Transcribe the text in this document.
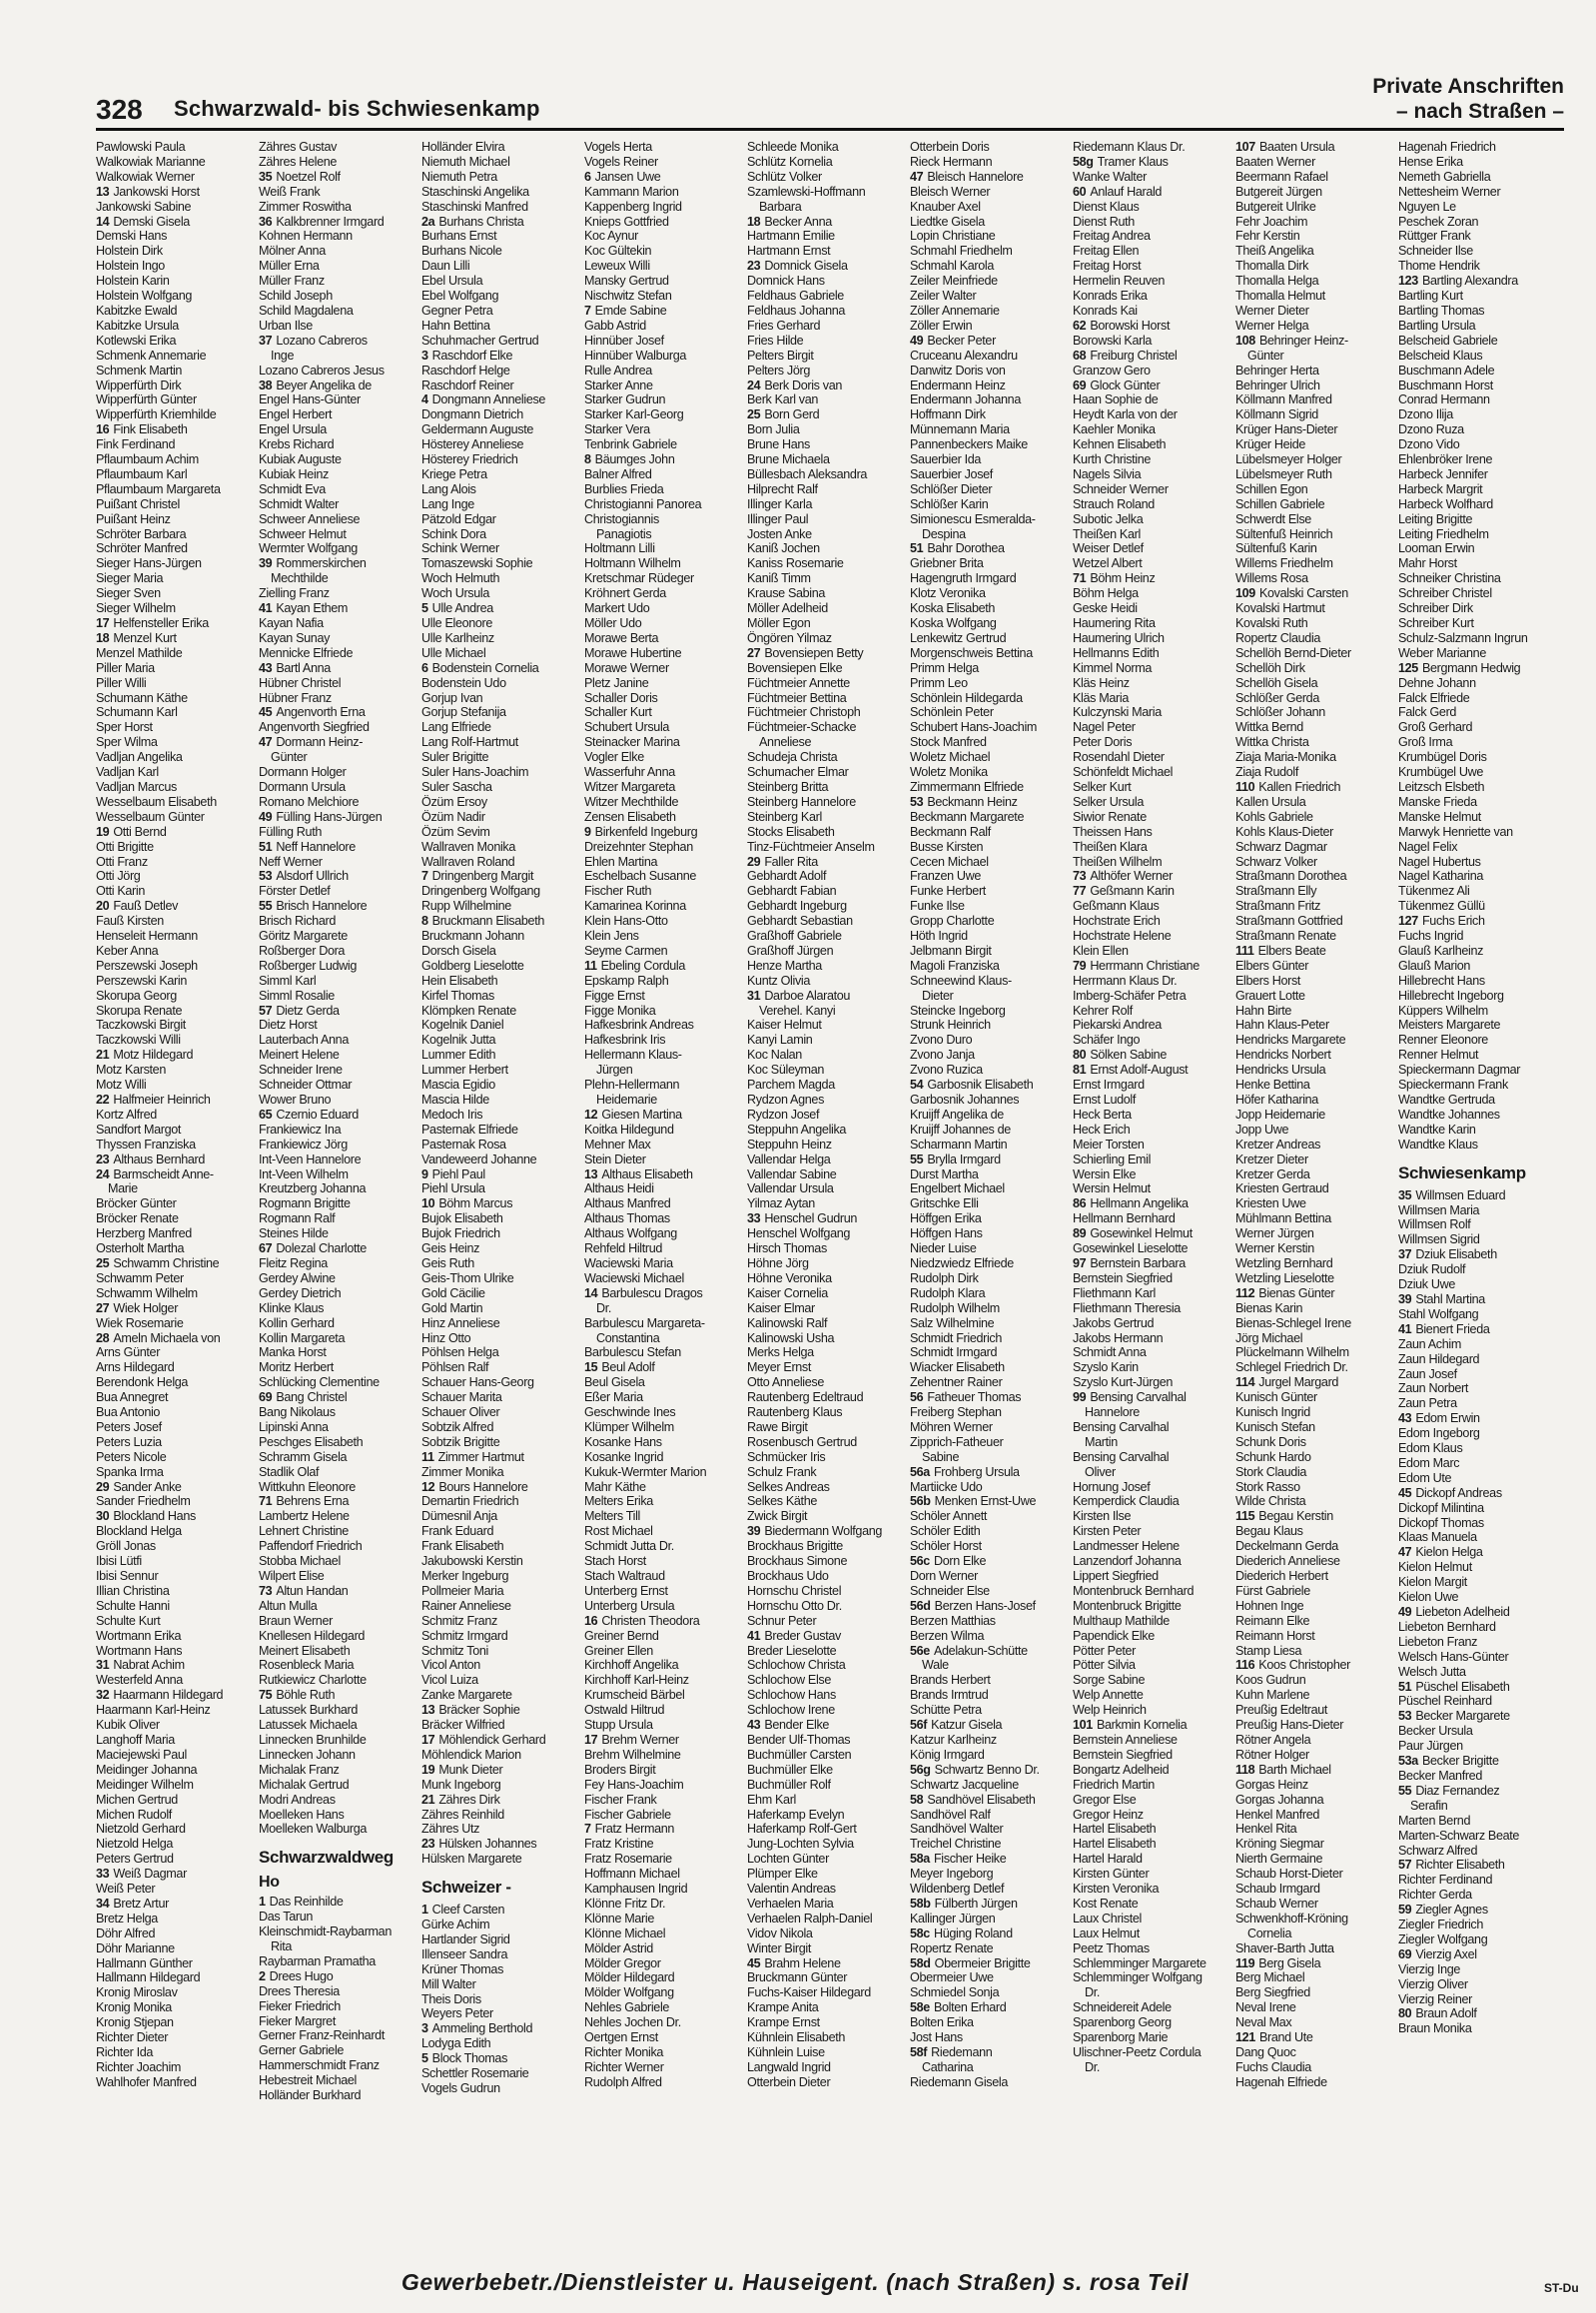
328 Schwarzwald- bis Schwiesenkamp
Private Anschriften
– nach Straßen –
Pawlowski Paula
Walkowiak Marianne
Walkowiak Werner
13 Jankowski Horst
Jankowski Sabine
14 Demski Gisela
Demski Hans
Holstein Dirk
Holstein Ingo
Holstein Karin
Holstein Wolfgang
Kabitzke Ewald
Kabitzke Ursula
Kotlewski Erika
Schmenk Annemarie
Schmenk Martin
Wipperfürth Dirk
Wipperfürth Günter
Wipperfürth Kriemhilde
16 Fink Elisabeth
Fink Ferdinand
Pflaumbaum Achim
Pflaumbaum Karl
Pflaumbaum Margareta
Puißant Christel
Puißant Heinz
Schröter Barbara
Schröter Manfred
Sieger Hans-Jürgen
Sieger Maria
Sieger Sven
Sieger Wilhelm
17 Helfensteller Erika
18 Menzel Kurt
Menzel Mathilde
Piller Maria
Piller Willi
Schumann Käthe
Schumann Karl
Sper Horst
Sper Wilma
Vadljan Angelika
Vadljan Karl
Vadljan Marcus
Wesselbaum Elisabeth
Wesselbaum Günter
19 Otti Bernd
Otti Brigitte
Otti Franz
Otti Jörg
Otti Karin
20 Fauß Detlev
Fauß Kirsten
Henseleit Hermann
Keber Anna
Perszewski Joseph
Perszewski Karin
Skorupa Georg
Skorupa Renate
Taczkowski Birgit
Taczkowski Willi
21 Motz Hildegard
Motz Karsten
Motz Willi
22 Halfmeier Heinrich
Kortz Alfred
Sandfort Margot
Thyssen Franziska
23 Althaus Bernhard
24 Barmscheidt Anne-
Marie
Bröcker Günter
Bröcker Renate
Herzberg Manfred
Osterholt Martha
25 Schwamm Christine
Schwamm Peter
Schwamm Wilhelm
27 Wiek Holger
Wiek Rosemarie
28 Ameln Michaela von
Arns Günter
Arns Hildegard
Berendonk Helga
Bua Annegret
Bua Antonio
Peters Josef
Peters Luzia
Peters Nicole
Spanka Irma
29 Sander Anke
Sander Friedhelm
30 Blockland Hans
Blockland Helga
Gröll Jonas
Ibisi Lütfi
Ibisi Sennur
Illian Christina
Schulte Hanni
Schulte Kurt
Wortmann Erika
Wortmann Hans
31 Nabrat Achim
Westerfeld Anna
32 Haarmann Hildegard
Haarmann Karl-Heinz
Kubik Oliver
Langhoff Maria
Maciejewski Paul
Meidinger Johanna
Meidinger Wilhelm
Michen Gertrud
Michen Rudolf
Nietzold Gerhard
Nietzold Helga
Peters Gertrud
33 Weiß Dagmar
Weiß Peter
34 Bretz Artur
Bretz Helga
Döhr Alfred
Döhr Marianne
Hallmann Günther
Hallmann Hildegard
Kronig Miroslav
Kronig Monika
Kronig Stjepan
Richter Dieter
Richter Ida
Richter Joachim
Wahlhofer Manfred
Zähres Gustav
Zähres Helene
35 Noetzel Rolf
Weiß Frank
Zimmer Roswitha
36 Kalkbrenner Irmgard
Kohnen Hermann
Mölner Anna
Müller Erna
Müller Franz
Schild Joseph
Schild Magdalena
Urban Ilse
37 Lozano Cabreros
Inge
Lozano Cabreros Jesus
38 Beyer Angelika de
Engel Hans-Günter
Engel Herbert
Engel Ursula
Krebs Richard
Kubiak Auguste
Kubiak Heinz
Schmidt Eva
Schmidt Walter
Schweer Anneliese
Schweer Helmut
Wermter Wolfgang
39 Rommerskirchen
Mechthilde
Zielling Franz
41 Kayan Ethem
Kayan Nafia
Kayan Sunay
Mennicke Elfriede
43 Bartl Anna
Hübner Christel
Hübner Franz
45 Angenvorth Erna
Angenvorth Siegfried
47 Dormann Heinz-
Günter
Dormann Holger
Dormann Ursula
Romano Melchiore
49 Fülling Hans-Jürgen
Fülling Ruth
51 Neff Hannelore
Neff Werner
53 Alsdorf Ullrich
Förster Detlef
55 Brisch Hannelore
Brisch Richard
Göritz Margarete
Roßberger Dora
Roßberger Ludwig
Simml Karl
Simml Rosalie
57 Dietz Gerda
Dietz Horst
Lauterbach Anna
Meinert Helene
Schneider Irene
Schneider Ottmar
Wower Bruno
65 Czernio Eduard
Frankiewicz Ina
Frankiewicz Jörg
Int-Veen Hannelore
Int-Veen Wilhelm
Kreutzberg Johanna
Rogmann Brigitte
Rogmann Ralf
Steines Hilde
67 Dolezal Charlotte
Fleitz Regina
Gerdey Alwine
Gerdey Dietrich
Klinke Klaus
Kollin Gerhard
Kollin Margareta
Manka Horst
Moritz Herbert
Schlücking Clementine
69 Bang Christel
Bang Nikolaus
Lipinski Anna
Peschges Elisabeth
Schramm Gisela
Stadlik Olaf
Wittkuhn Eleonore
71 Behrens Erna
Lambertz Helene
Lehnert Christine
Paffendorf Friedrich
Stobba Michael
Wilpert Elise
73 Altun Handan
Altun Mulla
Braun Werner
Knellesen Hildegard
Meinert Elisabeth
Rosenbleck Maria
Rutkiewicz Charlotte
75 Böhle Ruth
Latussek Burkhard
Latussek Michaela
Linnecken Brunhilde
Linnecken Johann
Michalak Franz
Michalak Gertrud
Modri Andreas
Moelleken Hans
Moelleken Walburga
Schwarzwaldweg
Ho
1 Das Reinhilde
Das Tarun
Kleinschmidt-Raybarman
Rita
Raybarman Pramatha
2 Drees Hugo
Drees Theresia
Fieker Friedrich
Fieker Margret
Gerner Franz-Reinhardt
Gerner Gabriele
Hammerschmidt Franz
Hebestreit Michael
Holländer Burkhard
Holländer Elvira
Niemuth Michael
Niemuth Petra
Staschinski Angelika
Staschinski Manfred
2a Burhans Christa
Burhans Ernst
Burhans Nicole
Daun Lilli
Ebel Ursula
Ebel Wolfgang
Gegner Petra
Hahn Bettina
Schuhmacher Gertrud
3 Raschdorf Elke
Raschdorf Helge
Raschdorf Reiner
4 Dongmann Anneliese
Dongmann Dietrich
Geldermann Auguste
Hösterey Anneliese
Hösterey Friedrich
Kriege Petra
Lang Alois
Lang Inge
Pätzold Edgar
Schink Dora
Schink Werner
Tomaszewski Sophie
Woch Helmuth
Woch Ursula
5 Ulle Andrea
Ulle Eleonore
Ulle Karlheinz
Ulle Michael
6 Bodenstein Cornelia
Bodenstein Udo
Gorjup Ivan
Gorjup Stefanija
Lang Elfriede
Lang Rolf-Hartmut
Suler Brigitte
Suler Hans-Joachim
Suler Sascha
Özüm Ersoy
Özüm Nadir
Özüm Sevim
Wallraven Monika
Wallraven Roland
7 Dringenberg Margit
Dringenberg Wolfgang
Rupp Wilhelmine
8 Bruckmann Elisabeth
Bruckmann Johann
Dorsch Gisela
Goldberg Lieselotte
Hein Elisabeth
Kirfel Thomas
Klömpken Renate
Kogelnik Daniel
Kogelnik Jutta
Lummer Edith
Lummer Herbert
Mascia Egidio
Mascia Hilde
Medoch Iris
Pasternak Elfriede
Pasternak Rosa
Vandeweerd Johanne
9 Piehl Paul
Piehl Ursula
10 Böhm Marcus
Bujok Elisabeth
Bujok Friedrich
Geis Heinz
Geis Ruth
Geis-Thom Ulrike
Gold Cäcilie
Gold Martin
Hinz Anneliese
Hinz Otto
Pöhlsen Helga
Pöhlsen Ralf
Schauer Hans-Georg
Schauer Marita
Schauer Oliver
Sobtzik Alfred
Sobtzik Brigitte
11 Zimmer Hartmut
Zimmer Monika
12 Bours Hannelore
Demartin Friedrich
Dümesnil Anja
Frank Eduard
Frank Elisabeth
Jakubowski Kerstin
Merker Ingeburg
Pollmeier Maria
Rainer Anneliese
Schmitz Franz
Schmitz Irmgard
Schmitz Toni
Vicol Anton
Vicol Luiza
Zanke Margarete
13 Bräcker Sophie
Bräcker Wilfried
17 Möhlendick Gerhard
Möhlendick Marion
19 Munk Dieter
Munk Ingeborg
21 Zähres Dirk
Zähres Reinhild
Zähres Utz
23 Hülsken Johannes
Hülsken Margarete
Schweizer -
1 Cleef Carsten
Gürke Achim
Hartlander Sigrid
Illenseer Sandra
Krüner Thomas
Mill Walter
Theis Doris
Weyers Peter
3 Ammeling Berthold
Lodyga Edith
5 Block Thomas
Schettler Rosemarie
Vogels Gudrun
Vogels Herta
Vogels Reiner
6 Jansen Uwe
Kammann Marion
Kappenberg Ingrid
Knieps Gottfried
Koc Aynur
Koc Gültekin
Leweux Willi
Mansky Gertrud
Nischwitz Stefan
7 Emde Sabine
Gabb Astrid
Hinnüber Josef
Hinnüber Walburga
Rulle Andrea
Starker Anne
Starker Gudrun
Starker Karl-Georg
Starker Vera
Tenbrink Gabriele
8 Bäumges John
Balner Alfred
Burblies Frieda
Christogianni Panorea
Christogiannis
Panagiotis
Holtmann Lilli
Holtmann Wilhelm
Kretschmar Rüdeger
Kröhnert Gerda
Markert Udo
Möller Udo
Morawe Berta
Morawe Hubertine
Morawe Werner
Pletz Janine
Schaller Doris
Schaller Kurt
Schubert Ursula
Steinacker Marina
Vogler Elke
Wasserfuhr Anna
Witzer Margareta
Witzer Mechthilde
Zensen Elisabeth
9 Birkenfeld Ingeburg
Dreizehnter Stephan
Ehlen Martina
Eschelbach Susanne
Fischer Ruth
Kamarinea Korinna
Klein Hans-Otto
Klein Jens
Seyme Carmen
11 Ebeling Cordula
Epskamp Ralph
Figge Ernst
Figge Monika
Hafkesbrink Andreas
Hafkesbrink Iris
Hellermann Klaus-
Jürgen
Plehn-Hellermann
Heidemarie
12 Giesen Martina
Koitka Hildegund
Mehner Max
Stein Dieter
13 Althaus Elisabeth
Althaus Heidi
Althaus Manfred
Althaus Thomas
Althaus Wolfgang
Rehfeld Hiltrud
Waciewski Maria
Waciewski Michael
14 Barbulescu Dragos
Dr.
Barbulescu Margareta-
Constantina
Barbulescu Stefan
15 Beul Adolf
Beul Gisela
Eßer Maria
Geschwinde Ines
Klümper Wilhelm
Kosanke Hans
Kosanke Ingrid
Kukuk-Wermter Marion
Mahr Käthe
Melters Erika
Melters Till
Rost Michael
Schmidt Jutta Dr.
Stach Horst
Stach Waltraud
Unterberg Ernst
Unterberg Ursula
16 Christen Theodora
Greiner Bernd
Greiner Ellen
Kirchhoff Angelika
Kirchhoff Karl-Heinz
Krumscheid Bärbel
Ostwald Hiltrud
Stupp Ursula
17 Brehm Werner
Brehm Wilhelmine
Broders Birgit
Fey Hans-Joachim
Fischer Frank
Fischer Gabriele
7 Fratz Hermann
Fratz Kristine
Fratz Rosemarie
Hoffmann Michael
Kamphausen Ingrid
Klönne Fritz Dr.
Klönne Marie
Klönne Michael
Mölder Astrid
Mölder Gregor
Mölder Hildegard
Mölder Wolfgang
Nehles Gabriele
Nehles Jochen Dr.
Oertgen Ernst
Richter Monika
Richter Werner
Rudolph Alfred
Schleede Monika
Schlütz Kornelia
Schlütz Volker
Szamlewski-Hoffmann
Barbara
18 Becker Anna
Hartmann Emilie
Hartmann Ernst
23 Domnick Gisela
Domnick Hans
Feldhaus Gabriele
Feldhaus Johanna
Fries Gerhard
Fries Hilde
Pelters Birgit
Pelters Jörg
24 Berk Doris van
Berk Karl van
25 Born Gerd
Born Julia
Brune Hans
Brune Michaela
Büllesbach Aleksandra
Hilprecht Ralf
Illinger Karla
Illinger Paul
Josten Anke
Kaniß Jochen
Kaniss Rosemarie
Kaniß Timm
Krause Sabina
Möller Adelheid
Möller Egon
Öngören Yilmaz
27 Bovensiepen Betty
Bovensiepen Elke
Füchtmeier Annette
Füchtmeier Bettina
Füchtmeier Christoph
Füchtmeier-Schacke
Anneliese
Schudeja Christa
Schumacher Elmar
Steinberg Britta
Steinberg Hannelore
Steinberg Karl
Stocks Elisabeth
Tinz-Füchtmeier Anselm
29 Faller Rita
Gebhardt Adolf
Gebhardt Fabian
Gebhardt Ingeburg
Gebhardt Sebastian
Graßhoff Gabriele
Graßhoff Jürgen
Henze Martha
Kuntz Olivia
31 Darboe Alaratou
Verehel. Kanyi
Kaiser Helmut
Kanyi Lamin
Koc Nalan
Koc Süleyman
Parchem Magda
Rydzon Agnes
Rydzon Josef
Steppuhn Angelika
Steppuhn Heinz
Vallendar Helga
Vallendar Sabine
Vallendar Ursula
Yilmaz Aytan
33 Henschel Gudrun
Henschel Wolfgang
Hirsch Thomas
Höhne Jörg
Höhne Veronika
Kaiser Cornelia
Kaiser Elmar
Kalinowski Ralf
Kalinowski Usha
Merks Helga
Meyer Ernst
Otto Anneliese
Rautenberg Edeltraud
Rautenberg Klaus
Rawe Birgit
Rosenbusch Gertrud
Schmücker Iris
Schulz Frank
Selkes Andreas
Selkes Käthe
Zwick Birgit
39 Biedermann Wolfgang
Brockhaus Brigitte
Brockhaus Simone
Brockhaus Udo
Hornschu Christel
Hornschu Otto Dr.
Schnur Peter
41 Breder Gustav
Breder Lieselotte
Schlochow Christa
Schlochow Else
Schlochow Hans
Schlochow Irene
43 Bender Elke
Bender Ulf-Thomas
Buchmüller Carsten
Buchmüller Elke
Buchmüller Rolf
Ehm Karl
Haferkamp Evelyn
Haferkamp Rolf-Gert
Jung-Lochten Sylvia
Lochten Günter
Plümper Elke
Valentin Andreas
Verhaelen Maria
Verhaelen Ralph-Daniel
Vidov Nikola
Winter Birgit
45 Brahm Helene
Bruckmann Günter
Fuchs-Kaiser Hildegard
Krampe Anita
Krampe Ernst
Kühnlein Elisabeth
Kühnlein Luise
Langwald Ingrid
Otterbein Dieter
Otterbein Doris
Rieck Hermann
47 Bleisch Hannelore
Bleisch Werner
Knauber Axel
Liedtke Gisela
Lopin Christiane
Schmahl Friedhelm
Schmahl Karola
Zeiler Meinfriede
Zeiler Walter
Zöller Annemarie
Zöller Erwin
49 Becker Peter
Cruceanu Alexandru
Danwitz Doris von
Endermann Heinz
Endermann Johanna
Hoffmann Dirk
Münnemann Maria
Pannenbeckers Maike
Sauerbier Ida
Sauerbier Josef
Schlößer Dieter
Schlößer Karin
Simionescu Esmeralda-
Despina
51 Bahr Dorothea
Griebner Brita
Hagengruth Irmgard
Klotz Veronika
Koska Elisabeth
Koska Wolfgang
Lenkewitz Gertrud
Morgenschweis Bettina
Primm Helga
Primm Leo
Schönlein Hildegarda
Schönlein Peter
Schubert Hans-Joachim
Stock Manfred
Woletz Michael
Woletz Monika
Zimmermann Elfriede
53 Beckmann Heinz
Beckmann Margarete
Beckmann Ralf
Busse Kirsten
Cecen Michael
Franzen Uwe
Funke Herbert
Funke Ilse
Gropp Charlotte
Höth Ingrid
Jelbmann Birgit
Magoli Franziska
Schneewind Klaus-
Dieter
Steincke Ingeborg
Strunk Heinrich
Zvono Duro
Zvono Janja
Zvono Ruzica
54 Garbosnik Elisabeth
Garbosnik Johannes
Kruijff Angelika de
Kruijff Johannes de
Scharmann Martin
55 Brylla Irmgard
Durst Martha
Engelbert Michael
Gritschke Elli
Höffgen Erika
Höffgen Hans
Nieder Luise
Niedzwiedz Elfriede
Rudolph Dirk
Rudolph Klara
Rudolph Wilhelm
Salz Wilhelmine
Schmidt Friedrich
Schmidt Irmgard
Wiacker Elisabeth
Zehentner Rainer
56 Fatheuer Thomas
Freiberg Stephan
Möhren Werner
Zipprich-Fatheuer
Sabine
56a Frohberg Ursula
Martiicke Udo
56b Menken Ernst-Uwe
Schöler Annett
Schöler Edith
Schöler Horst
56c Dorn Elke
Dorn Werner
Schneider Else
56d Berzen Hans-Josef
Berzen Matthias
Berzen Wilma
56e Adelakun-Schütte
Wale
Brands Herbert
Brands Irmtrud
Schütte Petra
56f Katzur Gisela
Katzur Karlheinz
König Irmgard
56g Schwartz Benno Dr.
Schwartz Jacqueline
58 Sandhövel Elisabeth
Sandhövel Ralf
Sandhövel Walter
Treichel Christine
58a Fischer Heike
Meyer Ingeborg
Wildenberg Detlef
58b Fülberth Jürgen
Kallinger Jürgen
58c Hüging Roland
Ropertz Renate
58d Obermeier Brigitte
Obermeier Uwe
Schmiedel Sonja
58e Bolten Erhard
Bolten Erika
Jost Hans
58f Riedemann
Catharina
Riedemann Gisela
Riedemann Klaus Dr.
58g Tramer Klaus
Wanke Walter
60 Anlauf Harald
Dienst Klaus
Dienst Ruth
Freitag Andrea
Freitag Ellen
Freitag Horst
Hermelin Reuven
Konrads Erika
Konrads Kai
62 Borowski Horst
Borowski Karla
68 Freiburg Christel
Granzow Gero
69 Glock Günter
Haan Sophie de
Heydt Karla von der
Kaehler Monika
Kehnen Elisabeth
Kurth Christine
Nagels Silvia
Schneider Werner
Strauch Roland
Subotic Jelka
Theißen Karl
Weiser Detlef
Wetzel Albert
71 Böhm Heinz
Böhm Helga
Geske Heidi
Haumering Rita
Haumering Ulrich
Hellmanns Edith
Kimmel Norma
Kläs Heinz
Kläs Maria
Kulczynski Maria
Nagel Peter
Peter Doris
Rosendahl Dieter
Schönfeldt Michael
Selker Kurt
Selker Ursula
Siwior Renate
Theissen Hans
Theißen Klara
Theißen Wilhelm
73 Althöfer Werner
77 Geßmann Karin
Geßmann Klaus
Hochstrate Erich
Hochstrate Helene
Klein Ellen
79 Herrmann Christiane
Herrmann Klaus Dr.
Imberg-Schäfer Petra
Kehrer Rolf
Piekarski Andrea
Schäfer Ingo
80 Sölken Sabine
81 Ernst Adolf-August
Ernst Irmgard
Ernst Ludolf
Heck Berta
Heck Erich
Meier Torsten
Schierling Emil
Wersin Elke
Wersin Helmut
86 Hellmann Angelika
Hellmann Bernhard
89 Gosewinkel Helmut
Gosewinkel Lieselotte
97 Bernstein Barbara
Bernstein Siegfried
Fliethmann Karl
Fliethmann Theresia
Jakobs Gertrud
Jakobs Hermann
Schmidt Anna
Szyslo Karin
Szyslo Kurt-Jürgen
99 Bensing Carvalhal
Hannelore
Bensing Carvalhal
Martin
Bensing Carvalhal
Oliver
Hornung Josef
Kemperdick Claudia
Kirsten Ilse
Kirsten Peter
Landmesser Helene
Lanzendorf Johanna
Lippert Siegfried
Montenbruck Bernhard
Montenbruck Brigitte
Multhaup Mathilde
Papendick Elke
Pötter Peter
Pötter Silvia
Sorge Sabine
Welp Annette
Welp Heinrich
101 Barkmin Kornelia
Bernstein Anneliese
Bernstein Siegfried
Bongartz Adelheid
Friedrich Martin
Gregor Else
Gregor Heinz
Hartel Elisabeth
Hartel Elisabeth
Hartel Harald
Kirsten Günter
Kirsten Veronika
Kost Renate
Laux Christel
Laux Helmut
Peetz Thomas
Schlemminger Margarete
Schlemminger Wolfgang
Dr.
Schneidereit Adele
Sparenborg Georg
Sparenborg Marie
Ulischner-Peetz Cordula
Dr.
107 Baaten Ursula
Baaten Werner
Beermann Rafael
Butgereit Jürgen
Butgereit Ulrike
Fehr Joachim
Fehr Kerstin
Theiß Angelika
Thomalla Dirk
Thomalla Helga
Thomalla Helmut
Werner Dieter
Werner Helga
108 Behringer Heinz-
Günter
Behringer Herta
Behringer Ulrich
Köllmann Manfred
Köllmann Sigrid
Krüger Hans-Dieter
Krüger Heide
Lübelsmeyer Holger
Lübelsmeyer Ruth
Schillen Egon
Schillen Gabriele
Schwerdt Else
Sültenfuß Heinrich
Sültenfuß Karin
Willems Friedhelm
Willems Rosa
109 Kovalski Carsten
Kovalski Hartmut
Kovalski Ruth
Ropertz Claudia
Schellöh Bernd-Dieter
Schellöh Dirk
Schellöh Gisela
Schlößer Gerda
Schlößer Johann
Wittka Bernd
Wittka Christa
Ziaja Maria-Monika
Ziaja Rudolf
110 Kallen Friedrich
Kallen Ursula
Kohls Gabriele
Kohls Klaus-Dieter
Schwarz Dagmar
Schwarz Volker
Straßmann Dorothea
Straßmann Elly
Straßmann Fritz
Straßmann Gottfried
Straßmann Renate
111 Elbers Beate
Elbers Günter
Elbers Horst
Grauert Lotte
Hahn Birte
Hahn Klaus-Peter
Hendricks Margarete
Hendricks Norbert
Hendricks Ursula
Henke Bettina
Höfer Katharina
Jopp Heidemarie
Jopp Uwe
Kretzer Andreas
Kretzer Dieter
Kretzer Gerda
Kriesten Gertraud
Kriesten Uwe
Mühlmann Bettina
Werner Jürgen
Werner Kerstin
Wetzling Bernhard
Wetzling Lieselotte
112 Bienas Günter
Bienas Karin
Bienas-Schlegel Irene
Jörg Michael
Plückelmann Wilhelm
Schlegel Friedrich Dr.
114 Jurgel Margard
Kunisch Günter
Kunisch Ingrid
Kunisch Stefan
Schunk Doris
Schunk Hardo
Stork Claudia
Stork Rasso
Wilde Christa
115 Begau Kerstin
Begau Klaus
Deckelmann Gerda
Diederich Anneliese
Diederich Herbert
Fürst Gabriele
Hohnen Inge
Reimann Elke
Reimann Horst
Stamp Liesa
116 Koos Christopher
Koos Gudrun
Kuhn Marlene
Preußig Edeltraut
Preußig Hans-Dieter
Rötner Angela
Rötner Holger
118 Barth Michael
Gorgas Heinz
Gorgas Johanna
Henkel Manfred
Henkel Rita
Kröning Siegmar
Nierth Germaine
Schaub Horst-Dieter
Schaub Irmgard
Schaub Werner
Schwenkhoff-Kröning
Cornelia
Shaver-Barth Jutta
119 Berg Gisela
Berg Michael
Berg Siegfried
Neval Irene
Neval Max
121 Brand Ute
Dang Quoc
Fuchs Claudia
Hagenah Elfriede
Hagenah Friedrich
Hense Erika
Nemeth Gabriella
Nettesheim Werner
Nguyen Le
Peschek Zoran
Rüttger Frank
Schneider Ilse
Thome Hendrik
123 Bartling Alexandra
Bartling Kurt
Bartling Thomas
Bartling Ursula
Belscheid Gabriele
Belscheid Klaus
Buschmann Adele
Buschmann Horst
Conrad Hermann
Dzono Ilija
Dzono Ruza
Dzono Vido
Ehlenbröker Irene
Harbeck Jennifer
Harbeck Margrit
Harbeck Wolfhard
Leiting Brigitte
Leiting Friedhelm
Looman Erwin
Mahr Horst
Schneiker Christina
Schreiber Christel
Schreiber Dirk
Schreiber Kurt
Schulz-Salzmann Ingrun
Weber Marianne
125 Bergmann Hedwig
Dehne Johann
Falck Elfriede
Falck Gerd
Groß Gerhard
Groß Irma
Krumbügel Doris
Krumbügel Uwe
Leitzsch Elsbeth
Manske Frieda
Manske Helmut
Marwyk Henriette van
Nagel Felix
Nagel Hubertus
Nagel Katharina
Tükenmez Ali
Tükenmez Güllü
127 Fuchs Erich
Fuchs Ingrid
Glauß Karlheinz
Glauß Marion
Hillebrecht Hans
Hillebrecht Ingeborg
Küppers Wilhelm
Meisters Margarete
Renner Eleonore
Renner Helmut
Spieckermann Dagmar
Spieckermann Frank
Wandtke Gertruda
Wandtke Johannes
Wandtke Karin
Wandtke Klaus
Schwiesenkamp
35 Willmsen Eduard
Willmsen Maria
Willmsen Rolf
Willmsen Sigrid
37 Dziuk Elisabeth
Dziuk Rudolf
Dziuk Uwe
39 Stahl Martina
Stahl Wolfgang
41 Bienert Frieda
Zaun Achim
Zaun Hildegard
Zaun Josef
Zaun Norbert
Zaun Petra
43 Edom Erwin
Edom Ingeborg
Edom Klaus
Edom Marc
Edom Ute
45 Dickopf Andreas
Dickopf Milintina
Dickopf Thomas
Klaas Manuela
47 Kielon Helga
Kielon Helmut
Kielon Margit
Kielon Uwe
49 Liebeton Adelheid
Liebeton Bernhard
Liebeton Franz
Welsch Hans-Günter
Welsch Jutta
51 Püschel Elisabeth
Püschel Reinhard
53 Becker Margarete
Becker Ursula
Paur Jürgen
53a Becker Brigitte
Becker Manfred
55 Diaz Fernandez
Serafin
Marten Bernd
Marten-Schwarz Beate
Schwarz Alfred
57 Richter Elisabeth
Richter Ferdinand
Richter Gerda
59 Ziegler Agnes
Ziegler Friedrich
Ziegler Wolfgang
69 Vierzig Axel
Vierzig Inge
Vierzig Oliver
Vierzig Reiner
80 Braun Adolf
Braun Monika
Gewerbebetr./Dienstleister u. Hauseigent. (nach Straßen) s. rosa Teil	ST-Du
